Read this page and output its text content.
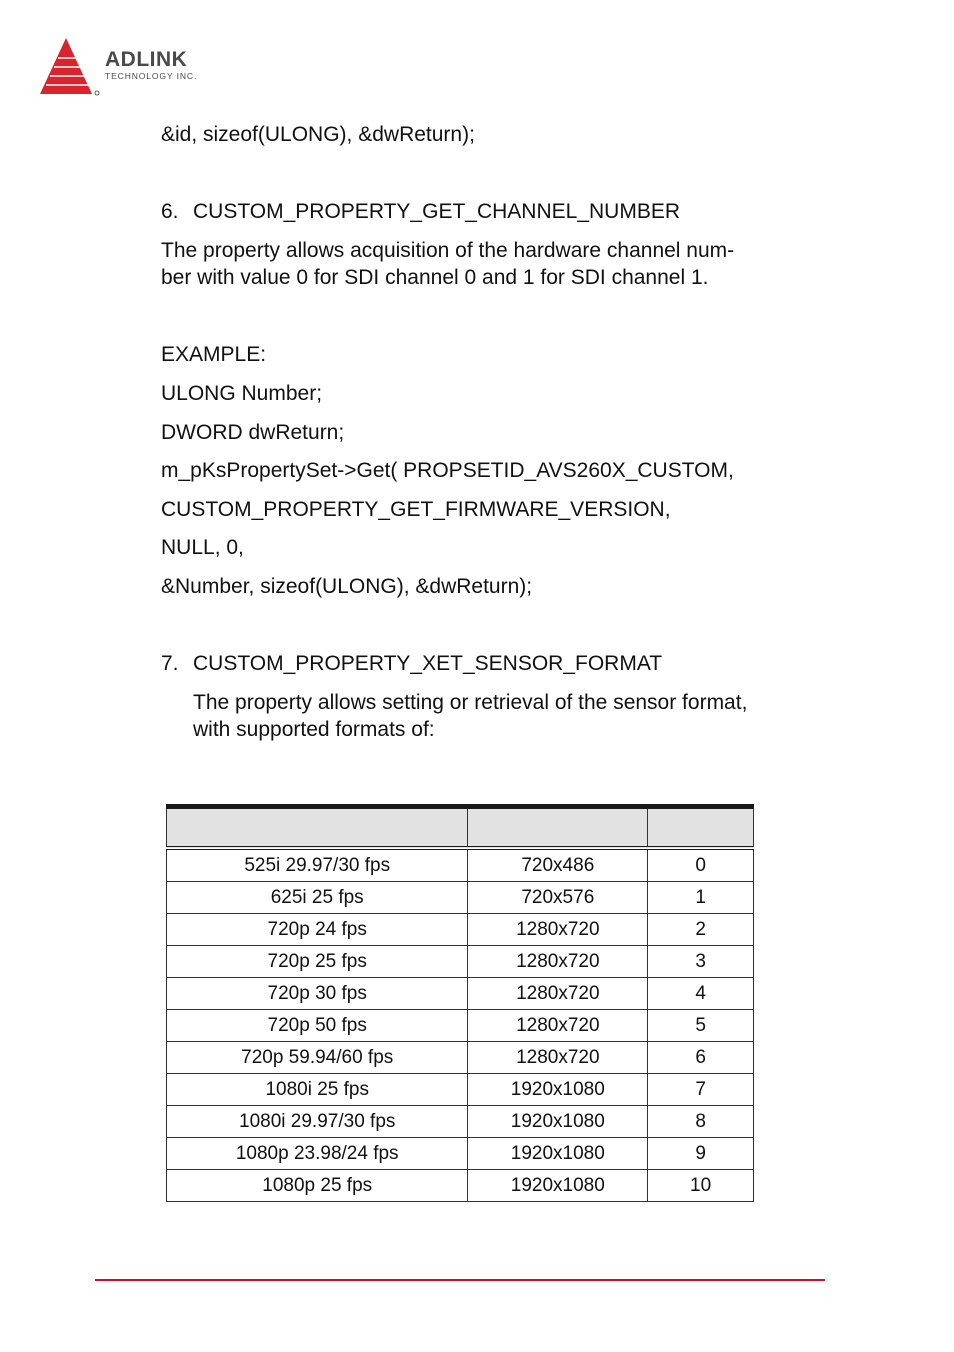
ADLINK
TECHNOLOGY INC.
&id, sizeof(ULONG), &dwReturn);
6. CUSTOM_PROPERTY_GET_CHANNEL_NUMBER
The property allows acquisition of the hardware channel num-
ber with value 0 for SDI channel 0 and 1 for SDI channel 1.
EXAMPLE:
ULONG Number;
DWORD dwReturn;
m_pKsPropertySet->Get( PROPSETID_AVS260X_CUSTOM,
CUSTOM_PROPERTY_GET_FIRMWARE_VERSION,
NULL, 0,
&Number, sizeof(ULONG), &dwReturn);
7. CUSTOM_PROPERTY_XET_SENSOR_FORMAT
The property allows setting or retrieval of the sensor format,
with supported formats of:

525i 29.97/30 fps	720x486	0
625i 25 fps	720x576	1
720p 24 fps	1280x720	2
720p 25 fps	1280x720	3
720p 30 fps	1280x720	4
720p 50 fps	1280x720	5
720p 59.94/60 fps	1280x720	6
1080i 25 fps	1920x1080	7
1080i 29.97/30 fps	1920x1080	8
1080p 23.98/24 fps	1920x1080	9
1080p 25 fps	1920x1080	10
